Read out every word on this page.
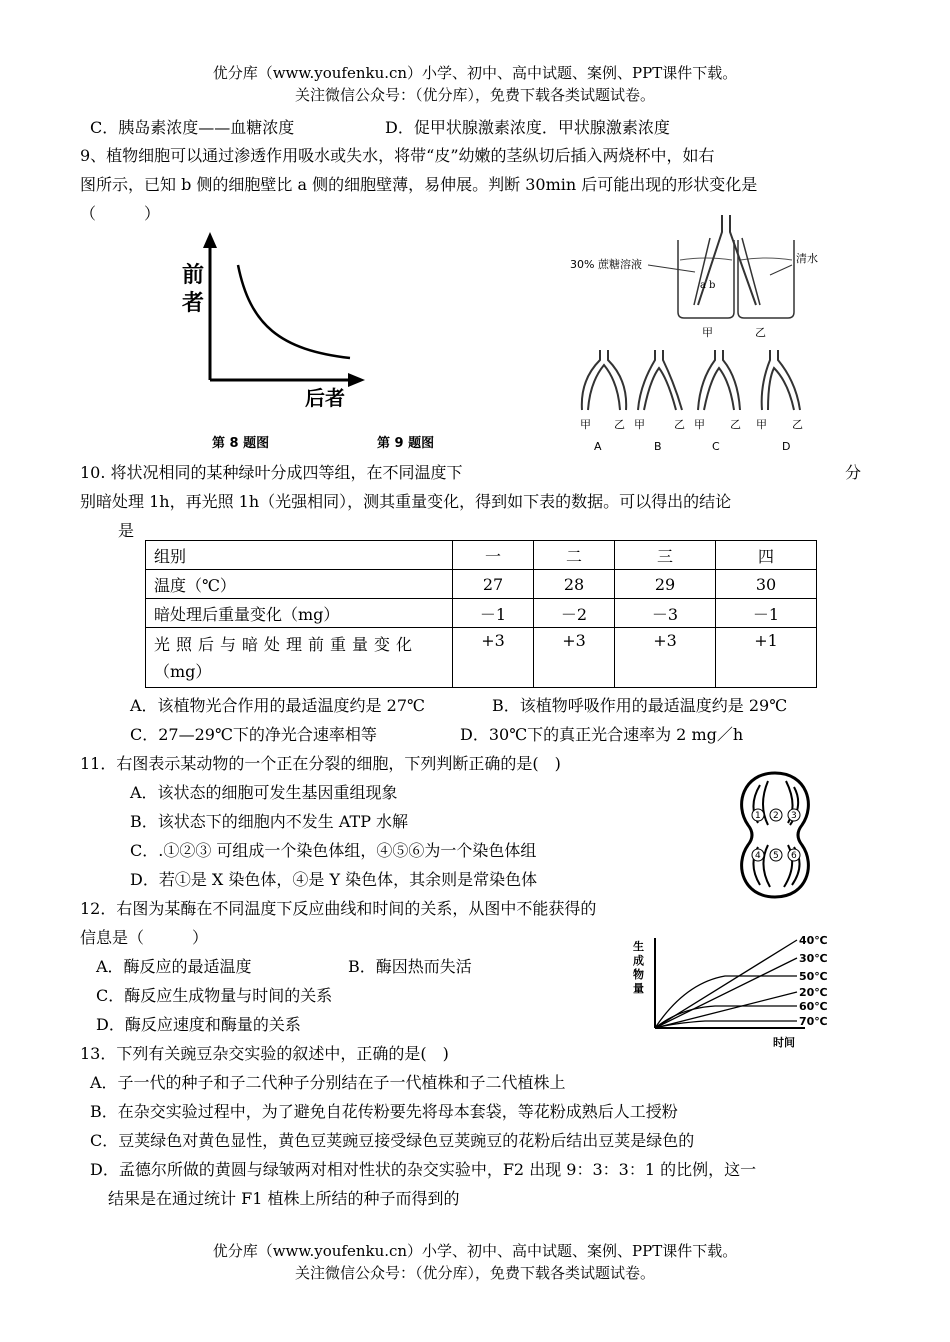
优分库（www.youfenku.cn）小学、初中、高中试题、案例、PPT课件下载。
关注微信公众号：（优分库），免费下载各类试题试卷。
C．胰岛素浓度——血糖浓度	D．促甲状腺激素浓度．甲状腺激素浓度
9、植物细胞可以通过渗透作用吸水或失水，将带“皮”幼嫩的茎纵切后插入两烧杯中，如右
图所示，已知 b 侧的细胞壁比 a 侧的细胞壁薄，易伸展。判断 30min 后可能出现的形状变化是
（　　　）
前
者
后者
第 8 题图	第 9 题图
a b
30% 蔗糖溶液	清水
甲	乙
甲 乙
A
甲	乙
B
甲 乙
C
甲 乙
D
10. 将状况相同的某种绿叶分成四等组，在不同温度下	分
别暗处理 1h，再光照 1h（光强相同），测其重量变化，得到如下表的数据。可以得出的结论
是
组别	一	二	三	四
温度（℃）	27	28	29	30
暗处理后重量变化（mg）	－1	－2	－3	－1

光照后与暗处理前重量变化
（mg）	+3	+3	+3	+1
A．该植物光合作用的最适温度约是 27℃	B．该植物呼吸作用的最适温度约是 29℃
C．27—29℃下的净光合速率相等	D．30℃下的真正光合速率为 2 mg／h
11．右图表示某动物的一个正在分裂的细胞，下列判断正确的是(　)
A．该状态的细胞可发生基因重组现象
B．该状态下的细胞内不发生 ATP 水解
C．.①②③ 可组成一个染色体组，④⑤⑥为一个染色体组
D．若①是 X 染色体，④是 Y 染色体，其余则是常染色体
1 2 3
4 5 6
12．右图为某酶在不同温度下反应曲线和时间的关系，从图中不能获得的
信息是（　　　）
A．酶反应的最适温度	B．酶因热而失活
C．酶反应生成物量与时间的关系
D．酶反应速度和酶量的关系
生
成
物
量
时间
40℃
30℃
50℃
20℃
60℃
70℃
13．下列有关豌豆杂交实验的叙述中，正确的是(　)
A．子一代的种子和子二代种子分别结在子一代植株和子二代植株上
B．在杂交实验过程中，为了避免自花传粉要先将母本套袋，等花粉成熟后人工授粉
C．豆荚绿色对黄色显性，黄色豆荚豌豆接受绿色豆荚豌豆的花粉后结出豆荚是绿色的
D．孟德尔所做的黄圆与绿皱两对相对性状的杂交实验中，F2 出现 9：3：3：1 的比例，这一
结果是在通过统计 F1 植株上所结的种子而得到的
优分库（www.youfenku.cn）小学、初中、高中试题、案例、PPT课件下载。
关注微信公众号：（优分库），免费下载各类试题试卷。
